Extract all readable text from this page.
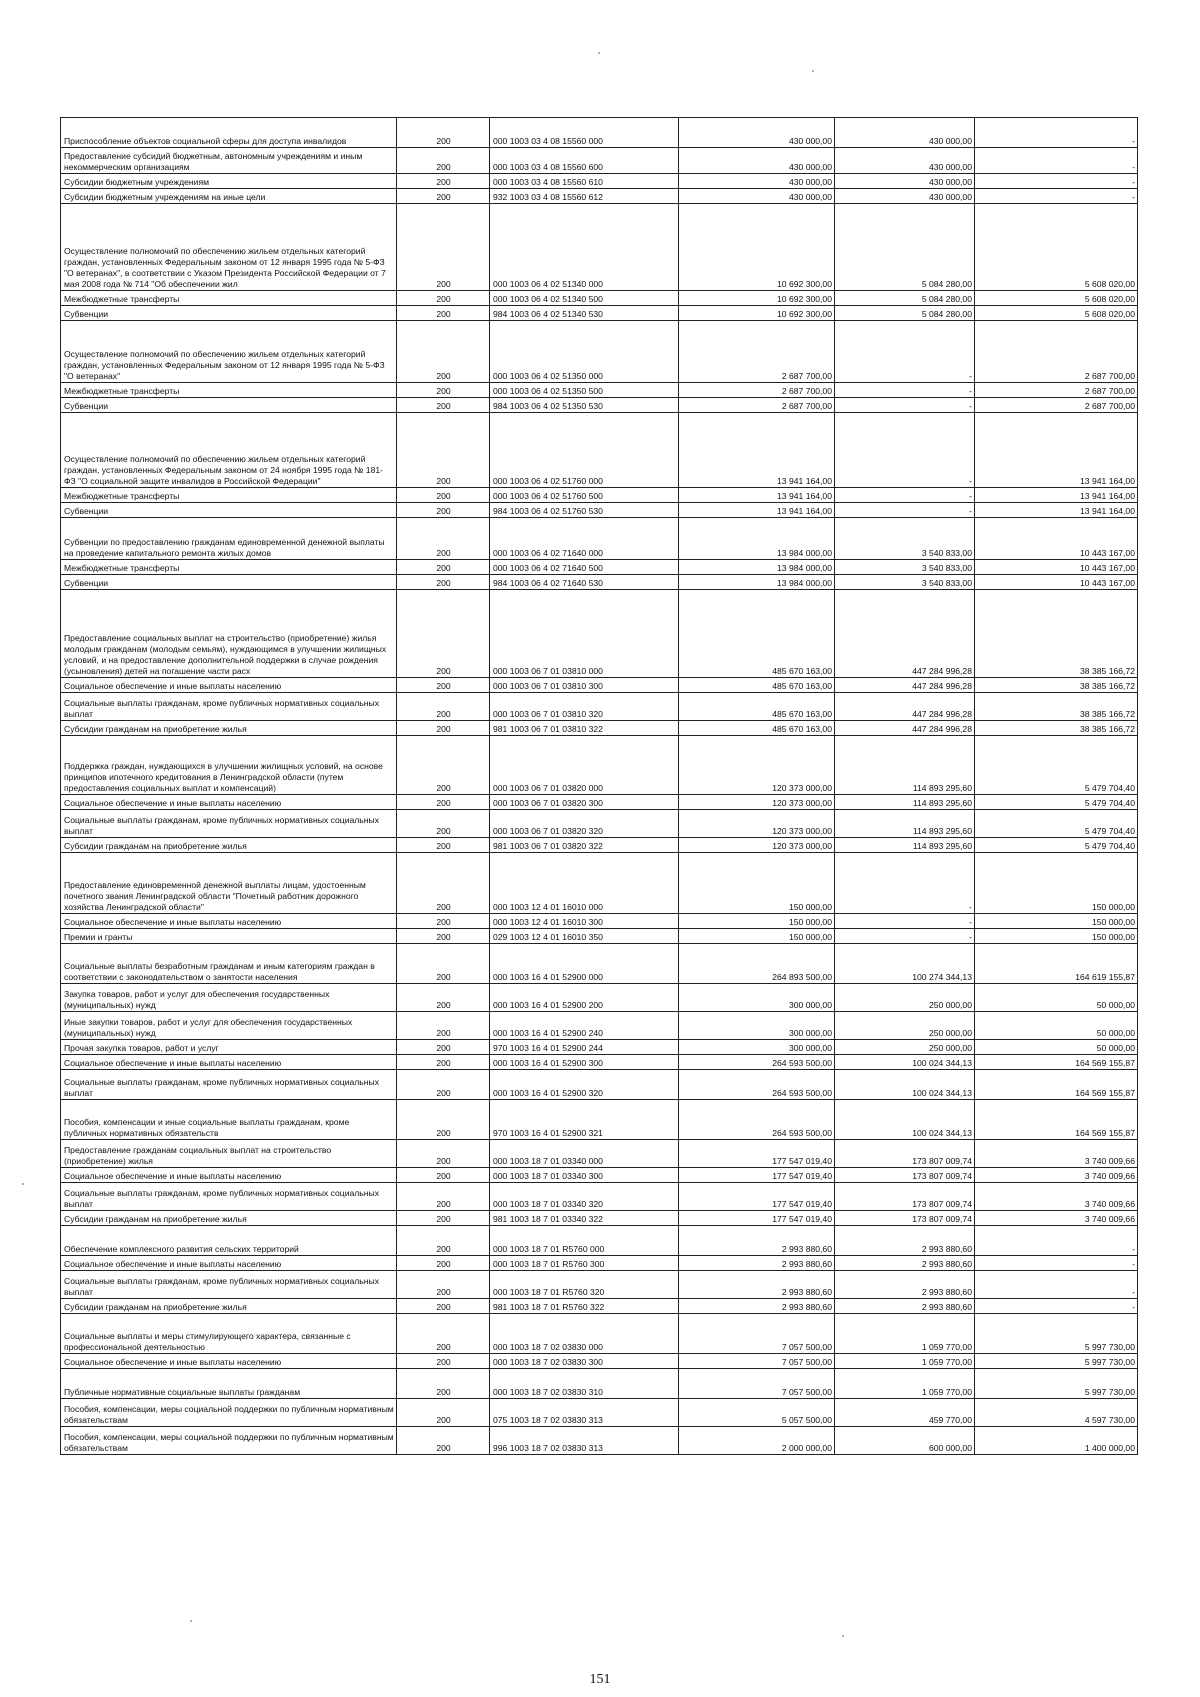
Приспособление объектов социальной сферы для доступа инвалидов	200	000 1003 03 4 08 15560 000	430 000,00	430 000,00	-
Предоставление субсидий бюджетным, автономным учреждениям и иным некоммерческим организациям	200	000 1003 03 4 08 15560 600	430 000,00	430 000,00	-
Субсидии бюджетным учреждениям	200	000 1003 03 4 08 15560 610	430 000,00	430 000,00	-
Субсидии бюджетным учреждениям на иные цели	200	932 1003 03 4 08 15560 612	430 000,00	430 000,00	-
Осуществление полномочий по обеспечению жильем отдельных категорий граждан, установленных Федеральным законом от 12 января 1995 года № 5-ФЗ "О ветеранах", в соответствии с Указом Президента Российской Федерации от 7 мая 2008 года № 714 "Об обеспечении жил	200	000 1003 06 4 02 51340 000	10 692 300,00	5 084 280,00	5 608 020,00
Межбюджетные трансферты	200	000 1003 06 4 02 51340 500	10 692 300,00	5 084 280,00	5 608 020,00
Субвенции	200	984 1003 06 4 02 51340 530	10 692 300,00	5 084 280,00	5 608 020,00
Осуществление полномочий по обеспечению жильем отдельных категорий граждан, установленных Федеральным законом от 12 января 1995 года № 5-ФЗ "О ветеранах"	200	000 1003 06 4 02 51350 000	2 687 700,00	-	2 687 700,00
Межбюджетные трансферты	200	000 1003 06 4 02 51350 500	2 687 700,00	-	2 687 700,00
Субвенции	200	984 1003 06 4 02 51350 530	2 687 700,00	-	2 687 700,00
Осуществление полномочий по обеспечению жильем отдельных категорий граждан, установленных Федеральным законом от 24 ноября 1995 года № 181-ФЗ "О социальной защите инвалидов в Российской Федерации"	200	000 1003 06 4 02 51760 000	13 941 164,00	-	13 941 164,00
Межбюджетные трансферты	200	000 1003 06 4 02 51760 500	13 941 164,00	-	13 941 164,00
Субвенции	200	984 1003 06 4 02 51760 530	13 941 164,00	-	13 941 164,00
Субвенции по предоставлению гражданам единовременной денежной выплаты на проведение капитального ремонта жилых домов	200	000 1003 06 4 02 71640 000	13 984 000,00	3 540 833,00	10 443 167,00
Межбюджетные трансферты	200	000 1003 06 4 02 71640 500	13 984 000,00	3 540 833,00	10 443 167,00
Субвенции	200	984 1003 06 4 02 71640 530	13 984 000,00	3 540 833,00	10 443 167,00
Предоставление социальных выплат на строительство (приобретение) жилья молодым гражданам (молодым семьям), нуждающимся в улучшении жилищных условий, и на предоставление дополнительной поддержки в случае рождения (усыновления) детей на погашение части расх	200	000 1003 06 7 01 03810 000	485 670 163,00	447 284 996,28	38 385 166,72
Социальное обеспечение и иные выплаты населению	200	000 1003 06 7 01 03810 300	485 670 163,00	447 284 996,28	38 385 166,72
Социальные выплаты гражданам, кроме публичных нормативных социальных выплат	200	000 1003 06 7 01 03810 320	485 670 163,00	447 284 996,28	38 385 166,72
Субсидии гражданам на приобретение жилья	200	981 1003 06 7 01 03810 322	485 670 163,00	447 284 996,28	38 385 166,72
Поддержка граждан, нуждающихся в улучшении жилищных условий, на основе принципов ипотечного кредитования в Ленинградской области (путем предоставления социальных выплат и компенсаций)	200	000 1003 06 7 01 03820 000	120 373 000,00	114 893 295,60	5 479 704,40
Социальное обеспечение и иные выплаты населению	200	000 1003 06 7 01 03820 300	120 373 000,00	114 893 295,60	5 479 704,40
Социальные выплаты гражданам, кроме публичных нормативных социальных выплат	200	000 1003 06 7 01 03820 320	120 373 000,00	114 893 295,60	5 479 704,40
Субсидии гражданам на приобретение жилья	200	981 1003 06 7 01 03820 322	120 373 000,00	114 893 295,60	5 479 704,40
Предоставление единовременной денежной выплаты лицам, удостоенным почетного звания Ленинградской области "Почетный работник дорожного хозяйства Ленинградской области"	200	000 1003 12 4 01 16010 000	150 000,00	-	150 000,00
Социальное обеспечение и иные выплаты населению	200	000 1003 12 4 01 16010 300	150 000,00	-	150 000,00
Премии и гранты	200	029 1003 12 4 01 16010 350	150 000,00	-	150 000,00
Социальные выплаты безработным гражданам и иным категориям граждан в соответствии с законодательством о занятости населения	200	000 1003 16 4 01 52900 000	264 893 500,00	100 274 344,13	164 619 155,87
Закупка товаров, работ и услуг для обеспечения государственных (муниципальных) нужд	200	000 1003 16 4 01 52900 200	300 000,00	250 000,00	50 000,00
Иные закупки товаров, работ и услуг для обеспечения государственных (муниципальных) нужд	200	000 1003 16 4 01 52900 240	300 000,00	250 000,00	50 000,00
Прочая закупка товаров, работ и услуг	200	970 1003 16 4 01 52900 244	300 000,00	250 000,00	50 000,00
Социальное обеспечение и иные выплаты населению	200	000 1003 16 4 01 52900 300	264 593 500,00	100 024 344,13	164 569 155,87
Социальные выплаты гражданам, кроме публичных нормативных социальных выплат	200	000 1003 16 4 01 52900 320	264 593 500,00	100 024 344,13	164 569 155,87
Пособия, компенсации и иные социальные выплаты гражданам, кроме публичных нормативных обязательств	200	970 1003 16 4 01 52900 321	264 593 500,00	100 024 344,13	164 569 155,87
Предоставление гражданам социальных выплат на строительство (приобретение) жилья	200	000 1003 18 7 01 03340 000	177 547 019,40	173 807 009,74	3 740 009,66
Социальное обеспечение и иные выплаты населению	200	000 1003 18 7 01 03340 300	177 547 019,40	173 807 009,74	3 740 009,66
Социальные выплаты гражданам, кроме публичных нормативных социальных выплат	200	000 1003 18 7 01 03340 320	177 547 019,40	173 807 009,74	3 740 009,66
Субсидии гражданам на приобретение жилья	200	981 1003 18 7 01 03340 322	177 547 019,40	173 807 009,74	3 740 009,66
Обеспечение комплексного развития сельских территорий	200	000 1003 18 7 01 R5760 000	2 993 880,60	2 993 880,60	-
Социальное обеспечение и иные выплаты населению	200	000 1003 18 7 01 R5760 300	2 993 880,60	2 993 880,60	-
Социальные выплаты гражданам, кроме публичных нормативных социальных выплат	200	000 1003 18 7 01 R5760 320	2 993 880,60	2 993 880,60	-
Субсидии гражданам на приобретение жилья	200	981 1003 18 7 01 R5760 322	2 993 880,60	2 993 880,60	-
Социальные выплаты и меры стимулирующего характера, связанные с профессиональной деятельностью	200	000 1003 18 7 02 03830 000	7 057 500,00	1 059 770,00	5 997 730,00
Социальное обеспечение и иные выплаты населению	200	000 1003 18 7 02 03830 300	7 057 500,00	1 059 770,00	5 997 730,00
Публичные нормативные социальные выплаты гражданам	200	000 1003 18 7 02 03830 310	7 057 500,00	1 059 770,00	5 997 730,00
Пособия, компенсации, меры социальной поддержки по публичным нормативным обязательствам	200	075 1003 18 7 02 03830 313	5 057 500,00	459 770,00	4 597 730,00
Пособия, компенсации, меры социальной поддержки по публичным нормативным обязательствам	200	996 1003 18 7 02 03830 313	2 000 000,00	600 000,00	1 400 000,00
151
